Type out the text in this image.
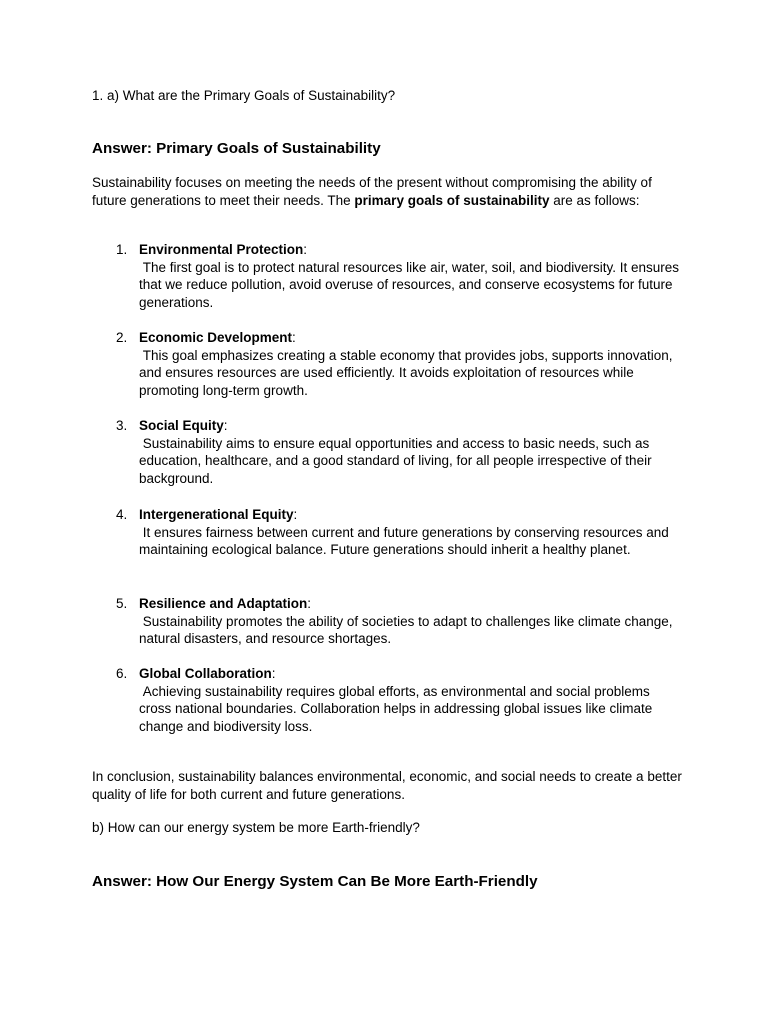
1. a) What are the Primary Goals of Sustainability?
Answer: Primary Goals of Sustainability
Sustainability focuses on meeting the needs of the present without compromising the ability of future generations to meet their needs. The primary goals of sustainability are as follows:
1. Environmental Protection:
The first goal is to protect natural resources like air, water, soil, and biodiversity. It ensures that we reduce pollution, avoid overuse of resources, and conserve ecosystems for future generations.
2. Economic Development:
This goal emphasizes creating a stable economy that provides jobs, supports innovation, and ensures resources are used efficiently. It avoids exploitation of resources while promoting long-term growth.
3. Social Equity:
Sustainability aims to ensure equal opportunities and access to basic needs, such as education, healthcare, and a good standard of living, for all people irrespective of their background.
4. Intergenerational Equity:
It ensures fairness between current and future generations by conserving resources and maintaining ecological balance. Future generations should inherit a healthy planet.
5. Resilience and Adaptation:
Sustainability promotes the ability of societies to adapt to challenges like climate change, natural disasters, and resource shortages.
6. Global Collaboration:
Achieving sustainability requires global efforts, as environmental and social problems cross national boundaries. Collaboration helps in addressing global issues like climate change and biodiversity loss.
In conclusion, sustainability balances environmental, economic, and social needs to create a better quality of life for both current and future generations.
b) How can our energy system be more Earth-friendly?
Answer: How Our Energy System Can Be More Earth-Friendly
